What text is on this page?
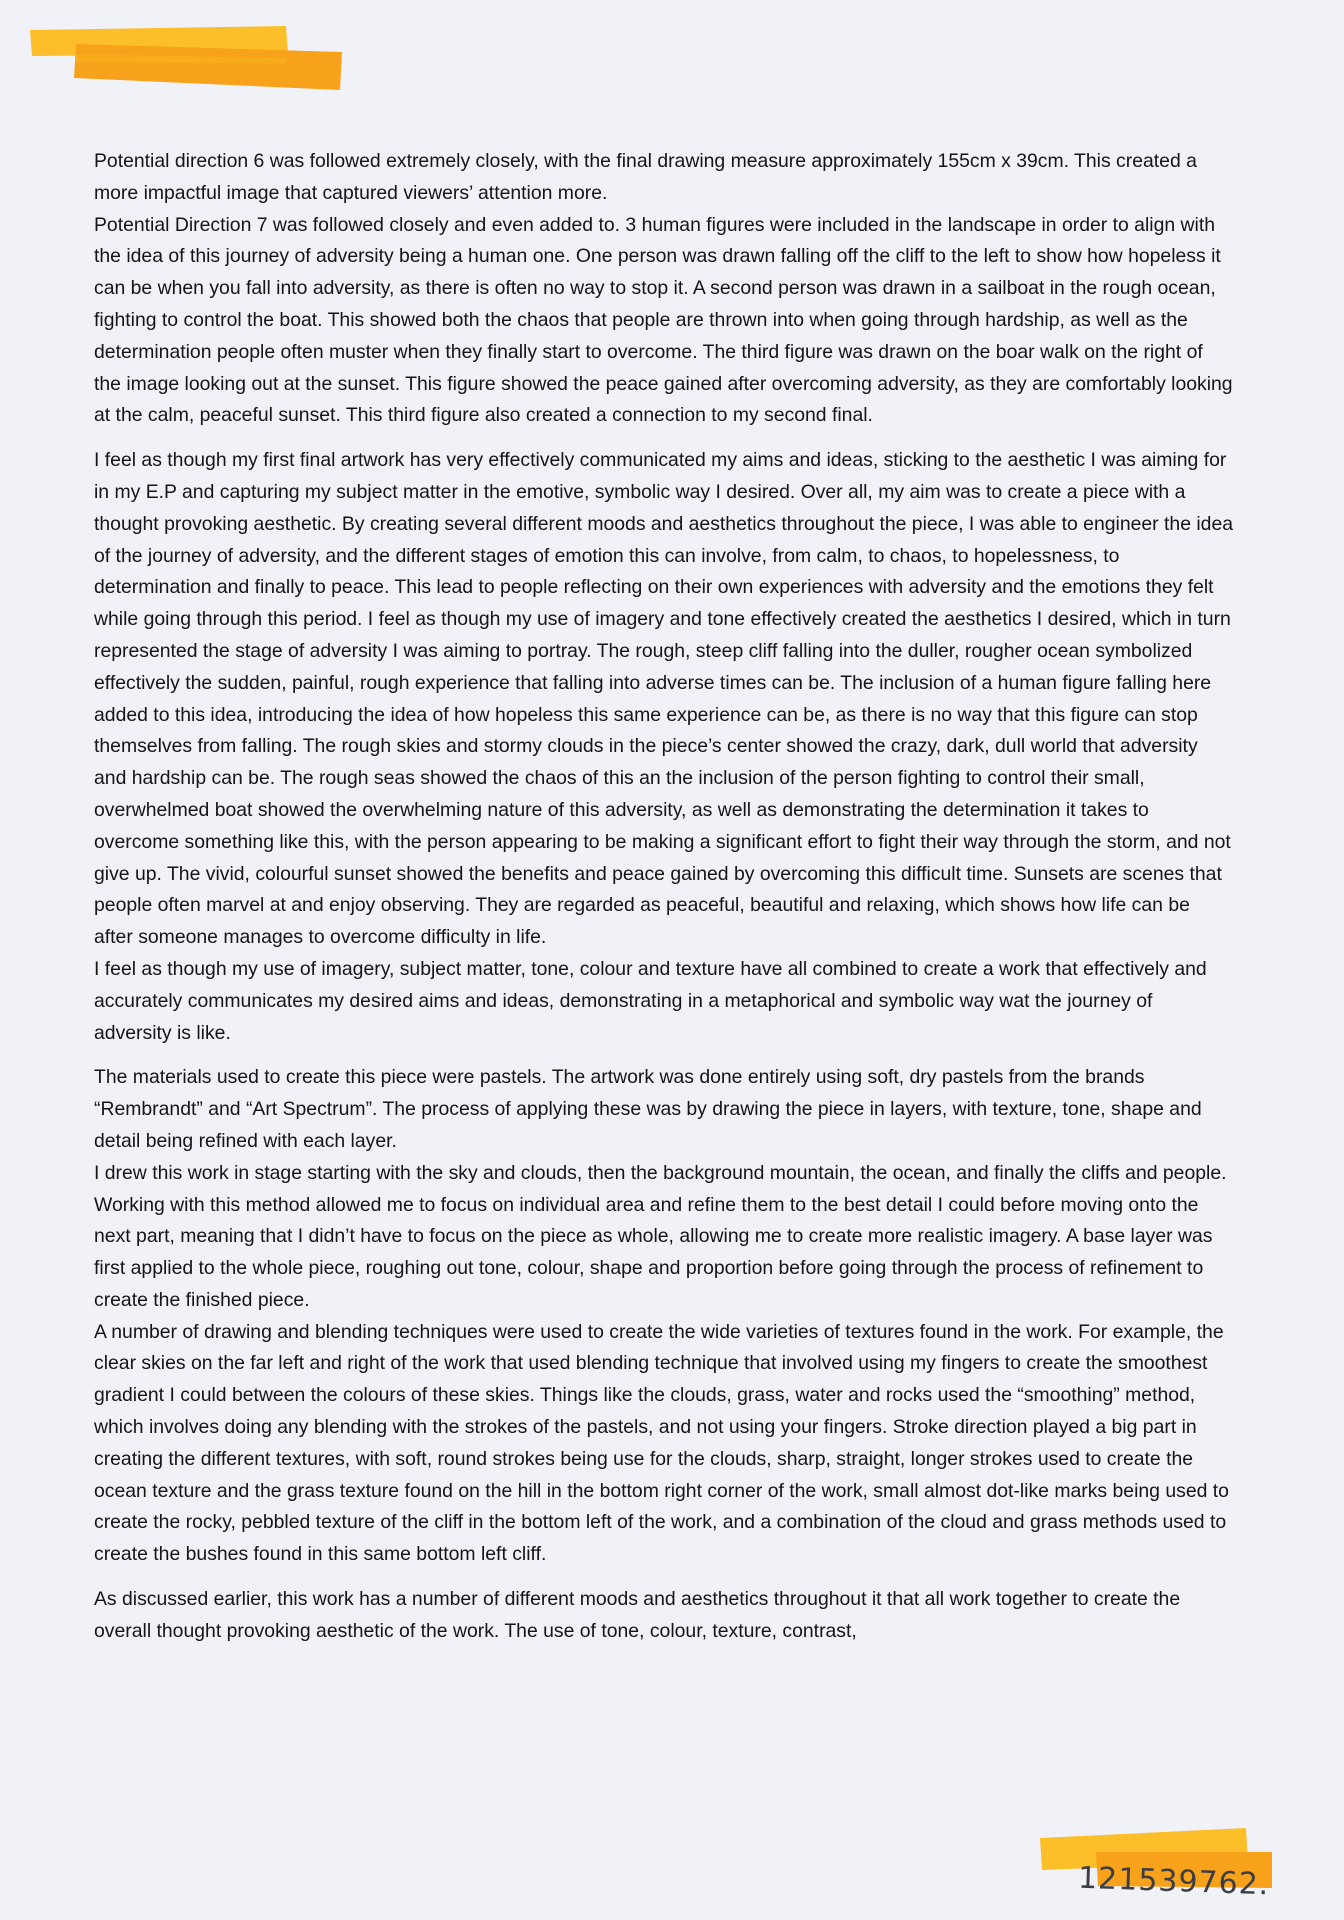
Potential direction 6 was followed extremely closely, with the final drawing measure approximately 155cm x 39cm. This created a more impactful image that captured viewers’ attention more.

Potential Direction 7 was followed closely and even added to. 3 human figures were included in the landscape in order to align with the idea of this journey of adversity being a human one. One person was drawn falling off the cliff to the left to show how hopeless it can be when you fall into adversity, as there is often no way to stop it. A second person was drawn in a sailboat in the rough ocean, fighting to control the boat. This showed both the chaos that people are thrown into when going through hardship, as well as the determination people often muster when they finally start to overcome. The third figure was drawn on the boar walk on the right of the image looking out at the sunset. This figure showed the peace gained after overcoming adversity, as they are comfortably looking at the calm, peaceful sunset. This third figure also created a connection to my second final.

I feel as though my first final artwork has very effectively communicated my aims and ideas, sticking to the aesthetic I was aiming for in my E.P and capturing my subject matter in the emotive, symbolic way I desired. Over all, my aim was to create a piece with a thought provoking aesthetic. By creating several different moods and aesthetics throughout the piece, I was able to engineer the idea of the journey of adversity, and the different stages of emotion this can involve, from calm, to chaos, to hopelessness, to determination and finally to peace. This lead to people reflecting on their own experiences with adversity and the emotions they felt while going through this period. I feel as though my use of imagery and tone effectively created the aesthetics I desired, which in turn represented the stage of adversity I was aiming to portray. The rough, steep cliff falling into the duller, rougher ocean symbolized effectively the sudden, painful, rough experience that falling into adverse times can be. The inclusion of a human figure falling here added to this idea, introducing the idea of how hopeless this same experience can be, as there is no way that this figure can stop themselves from falling. The rough skies and stormy clouds in the piece’s center showed the crazy, dark, dull world that adversity and hardship can be. The rough seas showed the chaos of this an the inclusion of the person fighting to control their small, overwhelmed boat showed the overwhelming nature of this adversity, as well as demonstrating the determination it takes to overcome something like this, with the person appearing to be making a significant effort to fight their way through the storm, and not give up. The vivid, colourful sunset showed the benefits and peace gained by overcoming this difficult time. Sunsets are scenes that people often marvel at and enjoy observing. They are regarded as peaceful, beautiful and relaxing, which shows how life can be after someone manages to overcome difficulty in life.

I feel as though my use of imagery, subject matter, tone, colour and texture have all combined to create a work that effectively and accurately communicates my desired aims and ideas, demonstrating in a metaphorical and symbolic way wat the journey of adversity is like.

The materials used to create this piece were pastels. The artwork was done entirely using soft, dry pastels from the brands “Rembrandt” and “Art Spectrum”. The process of applying these was by drawing the piece in layers, with texture, tone, shape and detail being refined with each layer.

I drew this work in stage starting with the sky and clouds, then the background mountain, the ocean, and finally the cliffs and people. Working with this method allowed me to focus on individual area and refine them to the best detail I could before moving onto the next part, meaning that I didn’t have to focus on the piece as whole, allowing me to create more realistic imagery. A base layer was first applied to the whole piece, roughing out tone, colour, shape and proportion before going through the process of refinement to create the finished piece.

A number of drawing and blending techniques were used to create the wide varieties of textures found in the work. For example, the clear skies on the far left and right of the work that used blending technique that involved using my fingers to create the smoothest gradient I could between the colours of these skies. Things like the clouds, grass, water and rocks used the “smoothing” method, which involves doing any blending with the strokes of the pastels, and not using your fingers. Stroke direction played a big part in creating the different textures, with soft, round strokes being use for the clouds, sharp, straight, longer strokes used to create the ocean texture and the grass texture found on the hill in the bottom right corner of the work, small almost dot-like marks being used to create the rocky, pebbled texture of the cliff in the bottom left of the work, and a combination of the cloud and grass methods used to create the bushes found in this same bottom left cliff.

As discussed earlier, this work has a number of different moods and aesthetics throughout it that all work together to create the overall thought provoking aesthetic of the work. The use of tone, colour, texture, contrast,

121539762.
